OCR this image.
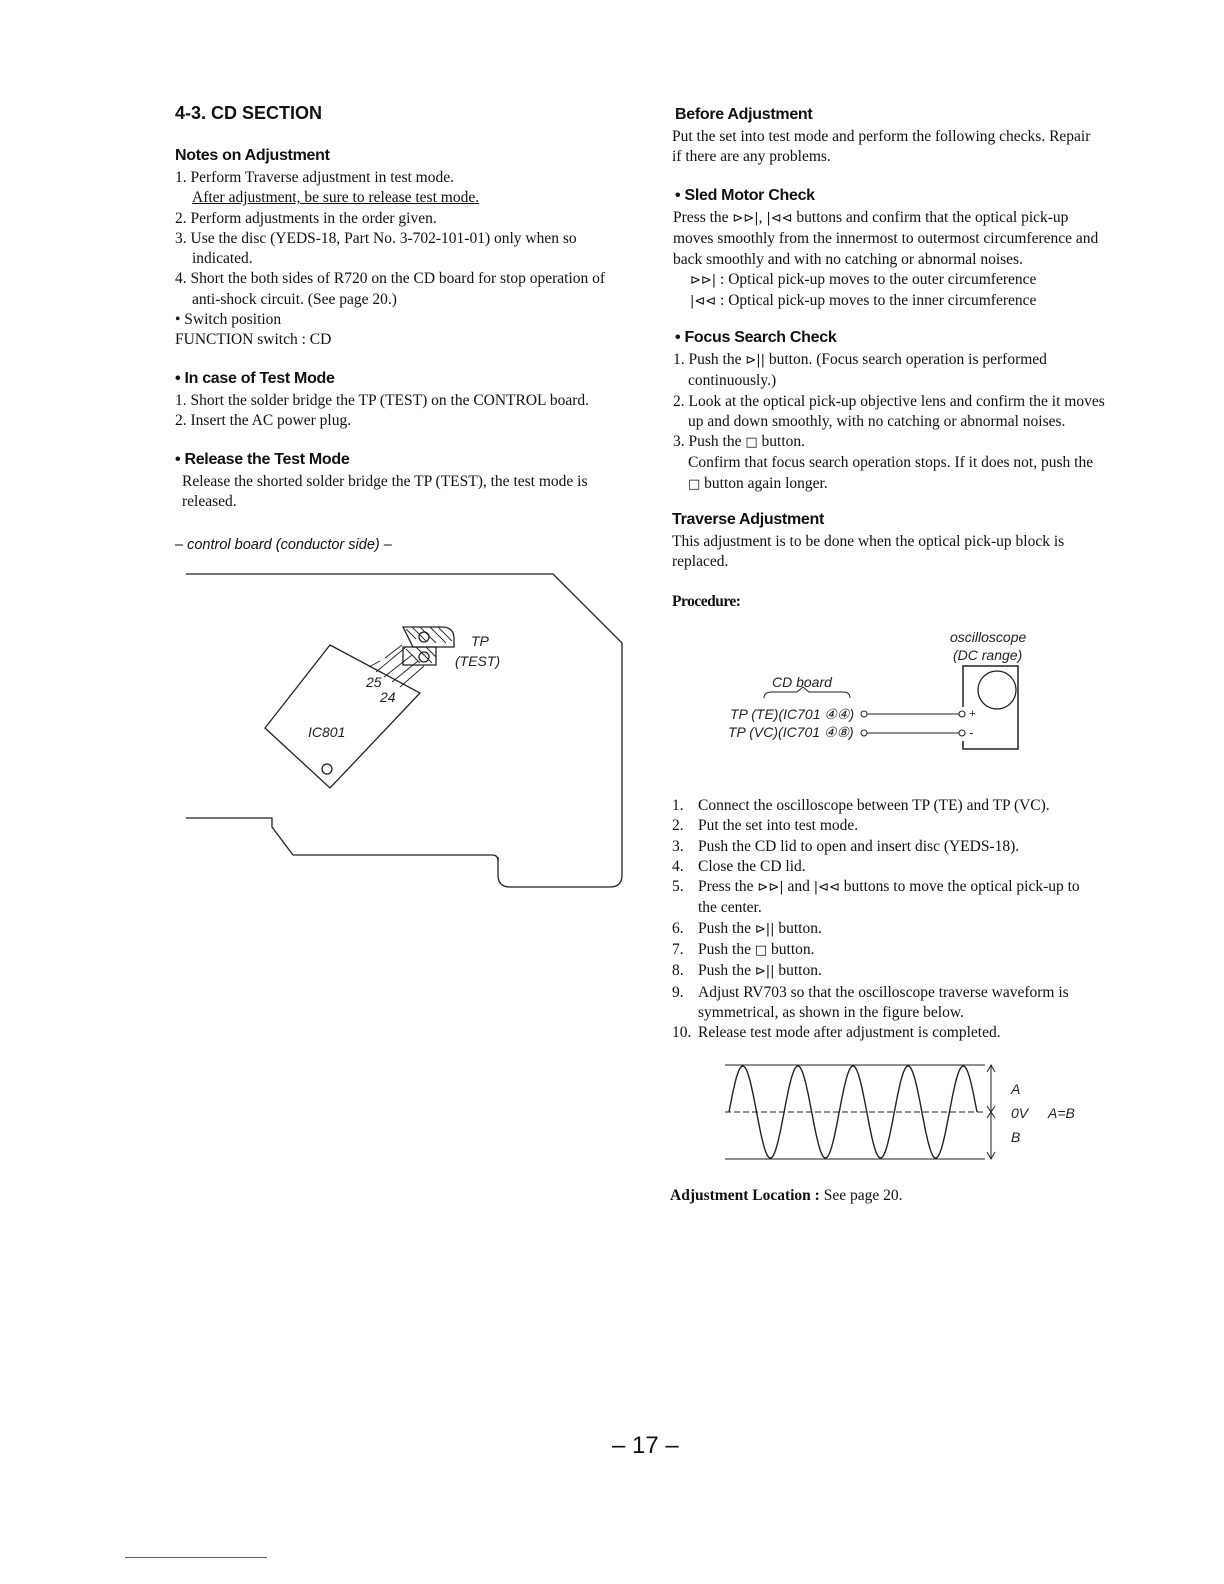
4-3. CD SECTION
Notes on Adjustment
1. Perform Traverse adjustment in test mode.
After adjustment, be sure to release test mode.
2. Perform adjustments in the order given.
3. Use the disc (YEDS-18, Part No. 3-702-101-01) only when so
indicated.
4. Short the both sides of R720 on the CD board for stop operation of
anti-shock circuit. (See page 20.)
• Switch position
FUNCTION switch : CD
• In case of Test Mode
1. Short the solder bridge the TP (TEST) on the CONTROL board.
2. Insert the AC power plug.
• Release the Test Mode
Release the shorted solder bridge the TP (TEST), the test mode is
released.
– control board (conductor side) –
TP
(TEST)
25
24
IC801
Before Adjustment
Put the set into test mode and perform the following checks. Repair
if there are any problems.
• Sled Motor Check
Press the ⊳⊳|, |⊲⊲ buttons and confirm that the optical pick-up
moves smoothly from the innermost to outermost circumference and
back smoothly and with no catching or abnormal noises.
⊳⊳| : Optical pick-up moves to the outer circumference
|⊲⊲ : Optical pick-up moves to the inner circumference
• Focus Search Check
1. Push the ⊳|| button. (Focus search operation is performed
continuously.)
2. Look at the optical pick-up objective lens and confirm the it moves
up and down smoothly, with no catching or abnormal noises.
3. Push the □ button.
Confirm that focus search operation stops. If it does not, push the
□ button again longer.
Traverse Adjustment
This adjustment is to be done when the optical pick-up block is
replaced.
Procedure:
oscilloscope
(DC range)
CD board
TP (TE)(IC701 ④④)
TP (VC)(IC701 ④⑧)
+
-
1. Connect the oscilloscope between TP (TE) and TP (VC).
2. Put the set into test mode.
3. Push the CD lid to open and insert disc (YEDS-18).
4. Close the CD lid.
5. Press the ⊳⊳| and |⊲⊲ buttons to move the optical pick-up to
the center.
6. Push the ⊳|| button.
7. Push the □ button.
8. Push the ⊳|| button.
9. Adjust RV703 so that the oscilloscope traverse waveform is
symmetrical, as shown in the figure below.
10. Release test mode after adjustment is completed.
A
0V A=B
B
Adjustment Location : See page 20.
– 17 –
